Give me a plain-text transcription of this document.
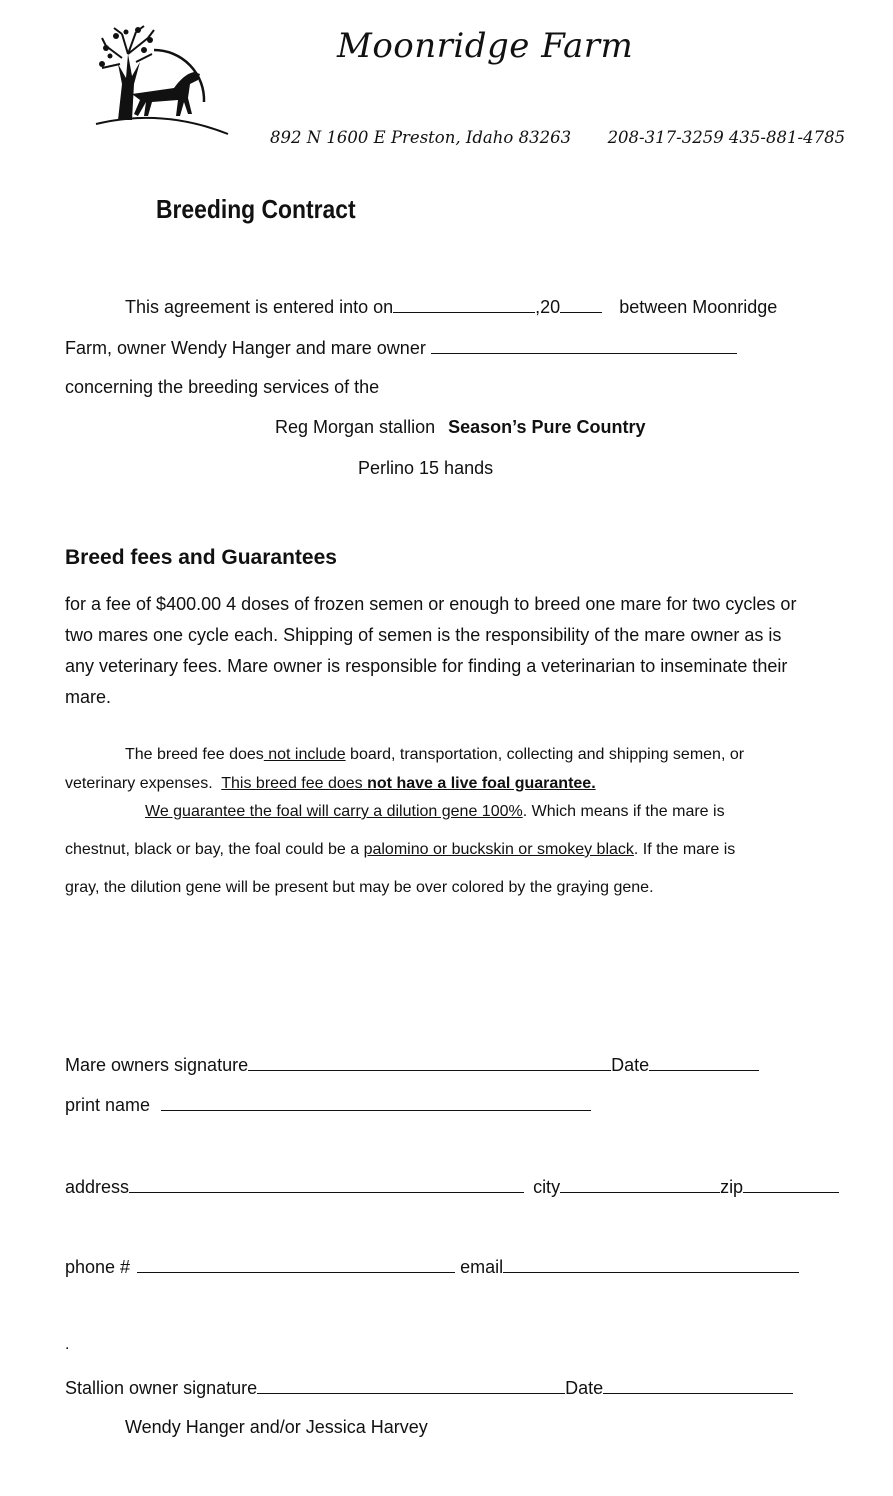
Moonridge Farm
892 N 1600 E Preston, Idaho 83263 208-317-3259 435-881-4785
Breeding Contract
This agreement is entered into on	,20	between Moonridge
Farm, owner Wendy Hanger and mare owner
concerning the breeding services of the
Reg Morgan stallion Season’s Pure Country
Perlino 15 hands
Breed fees and Guarantees
for a fee of $400.00 4 doses of frozen semen or enough to breed one mare for two cycles or
two mares one cycle each. Shipping of semen is the responsibility of the mare owner as is
any veterinary fees. Mare owner is responsible for finding a veterinarian to inseminate their
mare.
The breed fee does not include board, transportation, collecting and shipping semen, or
veterinary expenses. This breed fee does not have a live foal guarantee.
We guarantee the foal will carry a dilution gene 100%. Which means if the mare is
chestnut, black or bay, the foal could be a palomino or buckskin or smokey black. If the mare is
gray, the dilution gene will be present but may be over colored by the graying gene.
Mare owners signature	Date
print name
address	city	zip
phone #	email
.
Stallion owner signature	Date
Wendy Hanger and/or Jessica Harvey
